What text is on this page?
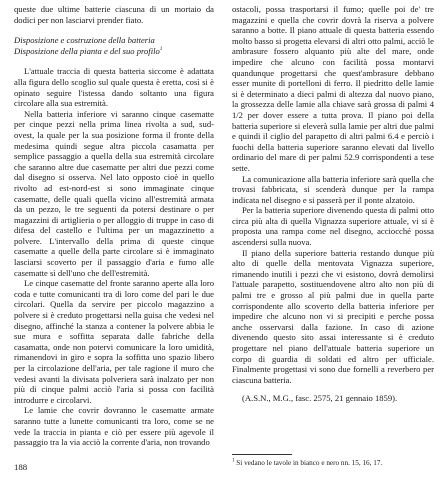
queste due ultime batterie ciascuna di un mortaio da dodici per non lasciarvi prender fiato.

Disposizione e costruzione della batteria

Disposizione della pianta e del suo profilo$^1$

L'attuale traccia di questa batteria siccome è adattata alla figura dello scoglio sul quale questa è eretta, così si è opinato seguire l'istessa dando soltanto una figura circolare alla sua estremità.

Nella batteria inferiore vi saranno cinque casematte per cinque pezzi nella prima linea rivolta a sud, sud-ovest, la quale per la sua posizione forma il fronte della medesima quindi segue altra piccola casamatta per semplice passaggio a quella della sua estremità circolare che saranno altre due casematte per altri due pezzi come dal disegno si osserva. Nel lato opposto cioè in quello rivolto ad est-nord-est si sono immaginate cinque casematte, delle quali quella vicino all'estremità armata da un pezzo, le tre seguenti da potersi destinare o per magazzini di artiglieria o per alloggio di truppe in caso di difesa del castello e l'ultima per un magazzinetto a polvere. L'intervallo della prima di queste cinque casematte a quelle della parte circolare si è immaginato lasciarsi scoverto per il passaggio d'aria e fumo alle casematte sì dell'uno che dell'estremità.

Le cinque casematte del fronte saranno aperte alla loro coda e tutte comunicanti tra di loro come del pari le due circolari. Quella da servire per piccolo magazzino a polvere si è creduto progettarsi nella guisa che vedesi nel disegno, affinché la stanza a contener la polvere abbia le sue mura e soffitta separata dalle fabriche della casamatta, onde non potervi comunicare la loro umidità, rimanendovi in giro e sopra la soffitta uno spazio libero per la circolazione dell'aria, per tale ragione il muro che vedesi avanti la divisata polveriera sarà inalzato per non più di cinque palmi acciò l'aria si possa con facilità introdurre e circolarvi.

Le lamie che covrir dovranno le casematte armate saranno tutte a lunette comunicanti tra loro, come se ne vede la traccia in pianta e ciò per essere più agevole il passaggio tra la via acciò la corrente d'aria, non trovando

ostacoli, possa trasportarsi il fumo; quelle poi de' tre magazzini e quella che covrir dovrà la riserva a polvere saranno a botte. Il piano attuale di questa batteria essendo molto basso si progetta elevarsi di altri otto palmi, acciò le ambrasure fossero alquanto più alte del mare, onde impedire che alcuno con facilità possa montarvi quandunque progettarsi che quest'ambrasure debbano esser munite di portelloni di ferro. Il piedritto delle lamie si è determinato a dieci palmi di altezza dal nuovo piano, la grossezza delle lamie alla chiave sarà grossa di palmi 4 1/2 per dover essere a tutta prova. Il piano poi della batteria superiore si eleverà sulla lamie per altri due palmi e quindi il ciglio del parapetto di altri palmi 6.4 e perciò i fuochi della batteria superiore saranno elevati dal livello ordinario del mare di per palmi 52.9 corrispondenti a tese sette.

La comunicazione alla batteria inferiore sarà quella che trovasi fabbricata, si scenderà dunque per la rampa indicata nel disegno e si passerà per il ponte alzatoio.

Per la batteria superiore divenendo questa di palmi otto circa più alta di quella Vignazza superiore attuale, vi si è proposta una rampa come nel disegno, acciocché possa ascendersi sulla nuova.

Il piano della superiore batteria restando dunque più alto di quelle della mentovata Vignazza superiore, rimanendo inutili i pezzi che vi esistono, dovrà demolirsi l'attuale parapetto, sostituendovene altro alto non più di palmi tre e grosso al più palmi due in quella parte corrispondente allo scoverto della batteria inferiore per impedire che alcuno non vi si precipiti e perche possa anche osservarsi dalla fazione. In caso di azione divenendo questo sito assai interessante si è creduto progettare nel piano dell'attuale batteria superiore un corpo di guardia di soldati ed altro per ufficiale. Finalmente progettasi vi sono due fornelli a reverbero per ciascuna batteria.

(A.S.N., M.G., fasc. 2575, 21 gennaio 1859).

$^1$ Si vedano le tavole in bianco e nero nn. 15, 16, 17.
188
